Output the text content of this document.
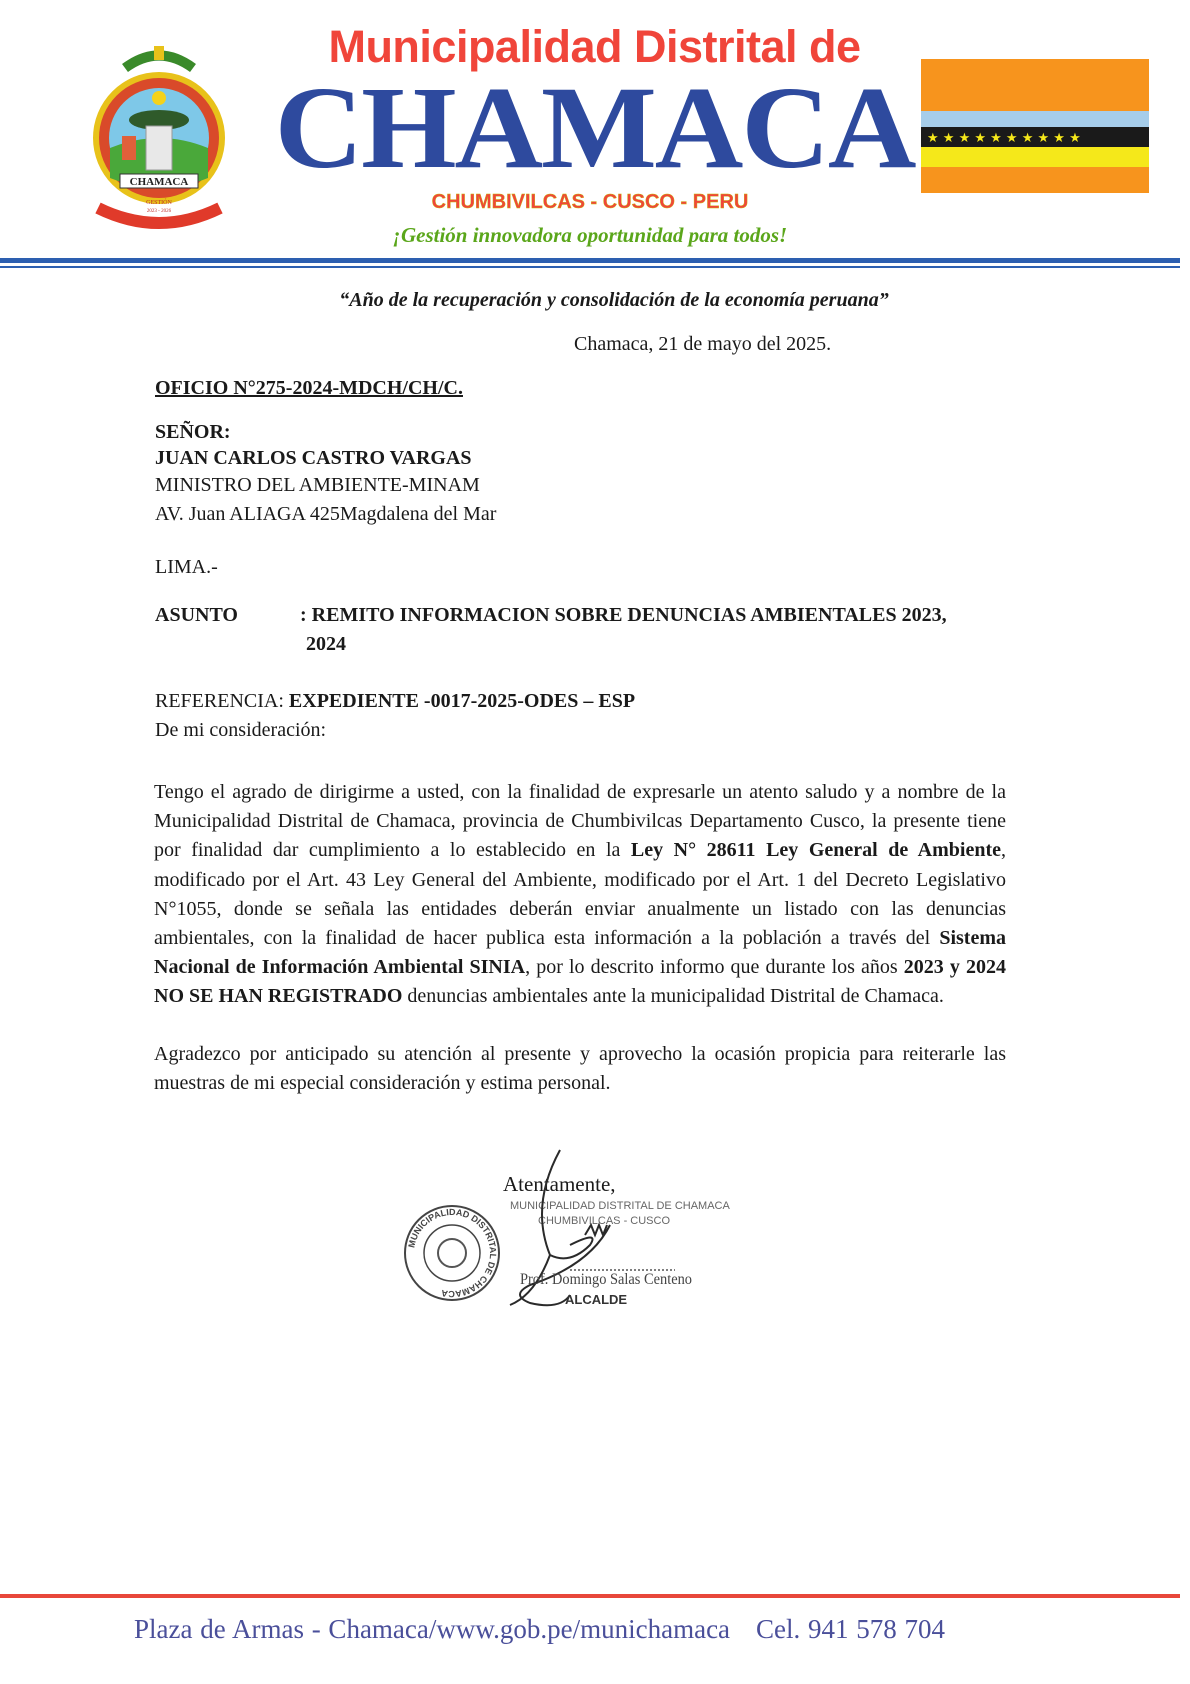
CHAMACA
GESTIÓN
2023 - 2026
Municipalidad Distrital de
CHAMACA
CHUMBIVILCAS - CUSCO - PERU
¡Gestión innovadora oportunidad para todos!
★ ★ ★ ★ ★ ★ ★ ★ ★ ★
“Año de la recuperación y consolidación de la economía peruana”
Chamaca, 21 de mayo del 2025.
OFICIO N°275-2024-MDCH/CH/C.
SEÑOR:
JUAN CARLOS CASTRO VARGAS
MINISTRO DEL AMBIENTE-MINAM
AV. Juan ALIAGA 425Magdalena del Mar
LIMA.-
ASUNTO	: REMITO INFORMACION SOBRE DENUNCIAS AMBIENTALES 2023,
2024
REFERENCIA: EXPEDIENTE -0017-2025-ODES – ESP
De mi consideración:
Tengo el agrado de dirigirme a usted, con la finalidad de expresarle un atento saludo y a nombre de la Municipalidad Distrital de Chamaca, provincia de Chumbivilcas Departamento Cusco, la presente tiene por finalidad dar cumplimiento a lo establecido en la Ley N° 28611 Ley General de Ambiente, modificado por el Art. 43 Ley General del Ambiente, modificado por el Art. 1 del Decreto Legislativo N°1055, donde se señala las entidades deberán enviar anualmente un listado con las denuncias ambientales, con la finalidad de hacer publica esta información a la población a través del Sistema Nacional de Información Ambiental SINIA, por lo descrito informo que durante los años 2023 y 2024 NO SE HAN REGISTRADO denuncias ambientales ante la municipalidad Distrital de Chamaca.
Agradezco por anticipado su atención al presente y aprovecho la ocasión propicia para reiterarle las muestras de mi especial consideración y estima personal.
Atentamente,
MUNICIPALIDAD DISTRITAL DE CHAMACA
MUNICIPALIDAD DISTRITAL DE CHAMACA
CHUMBIVILCAS - CUSCO
Prof. Domingo Salas Centeno
ALCALDE
Plaza de Armas - Chamaca/www.gob.pe/munichamaca Cel. 941 578 704
